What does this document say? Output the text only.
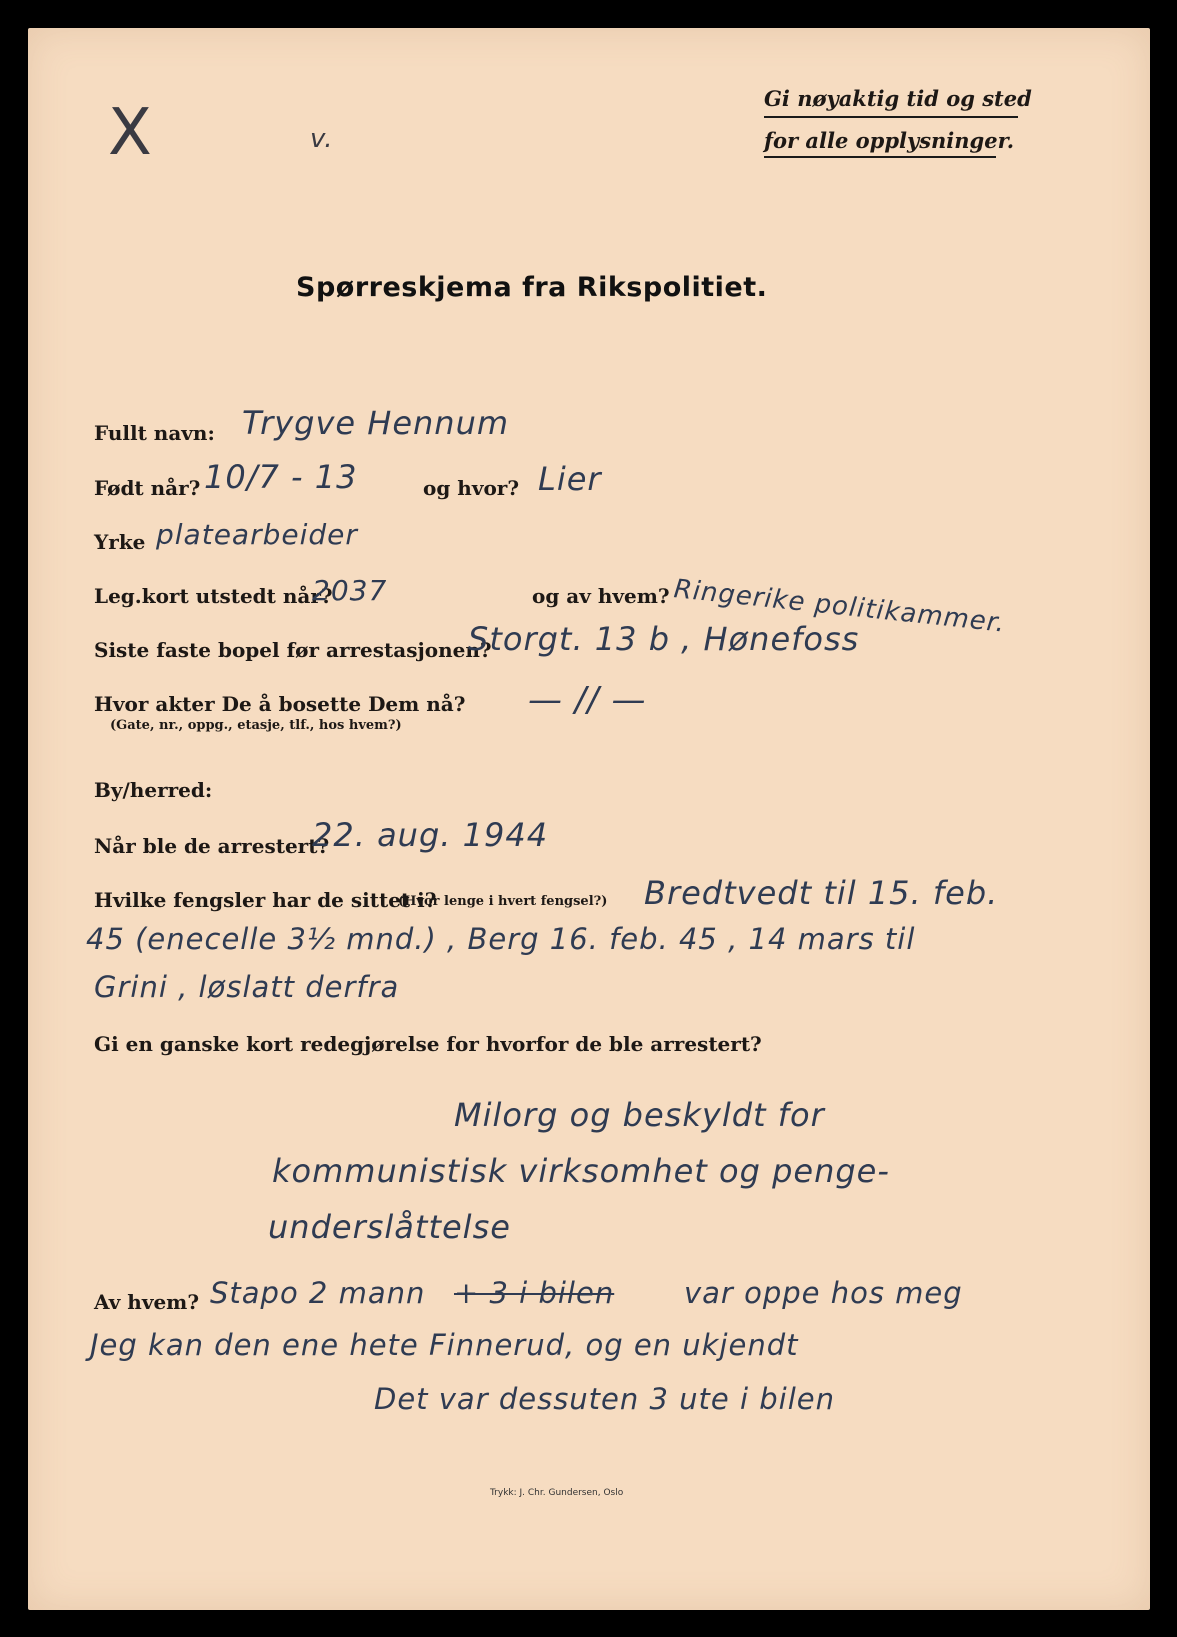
Gi nøyaktig tid og sted
for alle opplysninger.
X	v.
Spørreskjema fra Rikspolitiet.
Fullt navn: Trygve Hennum
Født når? 10/7 - 13	og hvor? Lier
Yrke platearbeider
Leg.kort utstedt når?
2037	og av hvem? Ringerike politikammer.
Siste faste bopel før arrestasjonen?
Storgt. 13 b , Hønefoss
Hvor akter De å bosette Dem nå?
(Gate, nr., oppg., etasje, tlf., hos hvem?)
— // —
By/herred:
Når ble de arrestert?
22. aug. 1944
Hvilke fengsler har de sittet i?
(Hvor lenge i hvert fengsel?) Bredtvedt til 15. feb.
45 (enecelle 3½ mnd.) , Berg 16. feb. 45 , 14 mars til
Grini , løslatt derfra
Gi en ganske kort redegjørelse for hvorfor de ble arrestert?
Milorg og beskyldt for
kommunistisk virksomhet og penge-
underslåttelse
Av hvem? Stapo 2 mann + 3 i bilen var oppe hos meg
Jeg kan den ene hete Finnerud, og en ukjendt
Det var dessuten 3 ute i bilen
Trykk: J. Chr. Gundersen, Oslo
